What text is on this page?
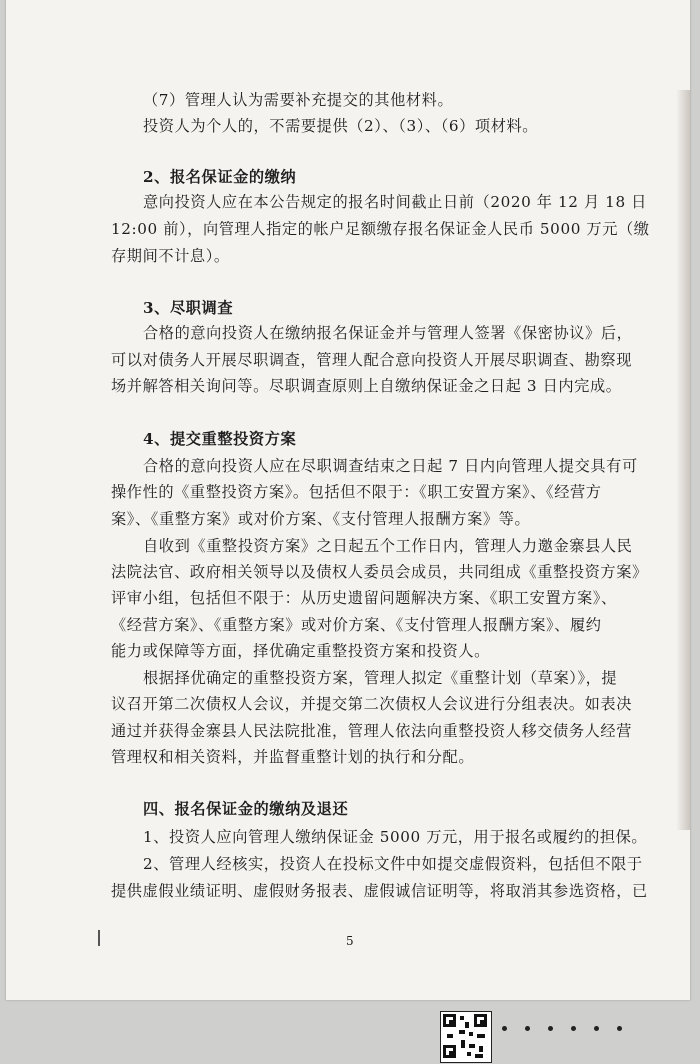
（7）管理人认为需要补充提交的其他材料。
投资人为个人的，不需要提供（2）、（3）、（6）项材料。
2、报名保证金的缴纳
意向投资人应在本公告规定的报名时间截止日前（2020 年 12 月 18 日
12:00 前），向管理人指定的帐户足额缴存报名保证金人民币 5000 万元（缴
存期间不计息）。
3、尽职调查
合格的意向投资人在缴纳报名保证金并与管理人签署《保密协议》后，
可以对债务人开展尽职调查，管理人配合意向投资人开展尽职调查、勘察现
场并解答相关询问等。尽职调查原则上自缴纳保证金之日起 3 日内完成。
4、提交重整投资方案
合格的意向投资人应在尽职调查结束之日起 7 日内向管理人提交具有可
操作性的《重整投资方案》。包括但不限于：《职工安置方案》、《经营方
案》、《重整方案》或对价方案、《支付管理人报酬方案》等。
自收到《重整投资方案》之日起五个工作日内，管理人力邀金寨县人民
法院法官、政府相关领导以及债权人委员会成员，共同组成《重整投资方案》
评审小组，包括但不限于：从历史遗留问题解决方案、《职工安置方案》、
《经营方案》、《重整方案》或对价方案、《支付管理人报酬方案》、履约
能力或保障等方面，择优确定重整投资方案和投资人。
根据择优确定的重整投资方案，管理人拟定《重整计划（草案）》，提
议召开第二次债权人会议，并提交第二次债权人会议进行分组表决。如表决
通过并获得金寨县人民法院批准，管理人依法向重整投资人移交债务人经营
管理权和相关资料，并监督重整计划的执行和分配。
四、报名保证金的缴纳及退还
1、投资人应向管理人缴纳保证金 5000 万元，用于报名或履约的担保。
2、管理人经核实，投资人在投标文件中如提交虚假资料，包括但不限于
提供虚假业绩证明、虚假财务报表、虚假诚信证明等，将取消其参选资格，已
5
